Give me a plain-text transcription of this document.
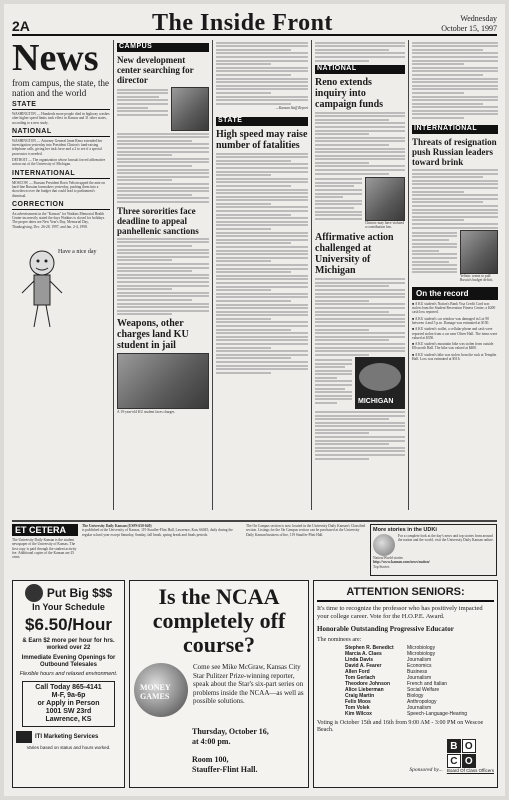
2A	The Inside Front	Wednesday
October 15, 1997
News
from campus, the state, the nation and the world
STATE
WASHINGTON — Hundreds more people died in highway crashes after higher speed limits took effect in Kansas and 31 other states, according to a new study.
NATIONAL
WASHINGTON — Attorney General Janet Reno extended her investigation yesterday into President Clinton's fund-raising telephone calls, giving her task force and a 2 to see if a special prosecutor is needed.
DETROIT — The organization whose lawsuit forced affirmative action out of the University of Michigan.
INTERNATIONAL
MOSCOW — Russian President Boris Yeltsin upped the ante on hard-line Russian lawmakers yesterday, pushing them into a showdown over the budget that could lead to parliament's dismissal.
CORRECTION
An advertisement in the "Kansan" for Watkins Memorial Health Center incorrectly stated the days Watkins is closed for holidays. The proper dates are New Year's Day, Memorial Day, Thanksgiving, Dec. 26-28, 1997, and Jan. 2-4, 1998.
Have a nice day
CAMPUS
New development center searching for director
Three sororities face deadline to appeal panhellenic sanctions
Weapons, other charges land KU student in jail
A 19-year-old KU student faces charges
—Kansan Staff Report
STATE
High speed may raise number of fatalities
NATIONAL
Reno extends inquiry into campaign funds
Clinton: may have violated a contribution law.
Affirmative action challenged at University of Michigan
MICHIGAN
INTERNATIONAL
Threats of resignation push Russian leaders toward brink
Yeltsin: wants to pull Russia's budget deficit.
On the record
■ A KU student's Nation's Bank Visa Credit Card was stolen from the Student Recreation Fitness Center; a $200 cash loss reported.
■ A KU student's car window was damaged in Lot 90 between 4 and 5 p.m. Damage was estimated at $150.
■ A KU student's wallet, a cellular phone and cash were reported stolen from a car near Oliver Hall. The items were valued at $350.
■ A KU student's mountain bike was stolen from outside Ellsworth Hall. The bike was valued at $400.
■ A KU student's bike was stolen from the rack at Templin Hall. Loss was estimated at $516.
ET CETERA
The University Daily Kansan is the student newspaper of the University of Kansas. The first copy is paid through the student activity fee. Additional copies of the Kansan are 25 cents.
The University Daily Kansan (USPS 650-640)
is published at the University of Kansas, 119 Stauffer-Flint Hall, Lawrence, Kan. 66045, daily during the regular school year except Saturday, Sunday, fall break, spring break and finals periods.
The On Campus section is now located in the University Daily Kansan's Classified section. Listings for the On Campus section can be purchased at the University Daily Kansan business office, 119 Stauffer-Flint Hall.
More stories in the UDKi
For a complete look at the day's news and top stories from around the nation and the world, visit the University Daily Kansan online.
Nation/World stories
http://www.kansan.com/news/nation/
Top Stories
Put Big $$$
In Your Schedule
$6.50/Hour
& Earn $2 more per hour for hrs. worked over 22
Immediate Evening Openings for Outbound Telesales
Flexible hours and relaxed environment.
Call Today 865-4141
M-F, 9a-6p
or Apply in Person
1001 SW 23rd
Lawrence, KS
ITI Marketing Services
Varies based on status and hours worked.
Is the NCAA completely off course?
MONEY GAMES
Come see Mike McGraw, Kansas City Star Pulitzer Prize-winning reporter, speak about the Star's six-part series on problems inside the NCAA—as well as possible solutions.
Thursday, October 16,
at 4:00 pm.
Room 100,
Stauffer-Flint Hall.
ATTENTION SENIORS:
It's time to recognize the professor who has positively impacted your college career. Vote for the H.O.P.E. Award.
Honorable Outstanding Progressive Educator
The nominees are:
Stephen R. Benedict	Microbiology
Marcia A. Claes	Microbiology
Linda Davis	Journalism
David A. Fearer	Economics
Allen Ford	Business
Tom Gerlach	Journalism
Theodore Johnson	French and Italian
Alice Lieberman	Social Welfare
Craig Martin	Biology
Felix Moos	Anthropology
Tom Volek	Journalism
Kim Wilcox	Speech-Language-Hearing
Voting is October 15th and 16th from 9:00 AM - 3:00 PM on Wescoe Beach.
Sponsored by...
B O
C O
Board Of Class Officers
